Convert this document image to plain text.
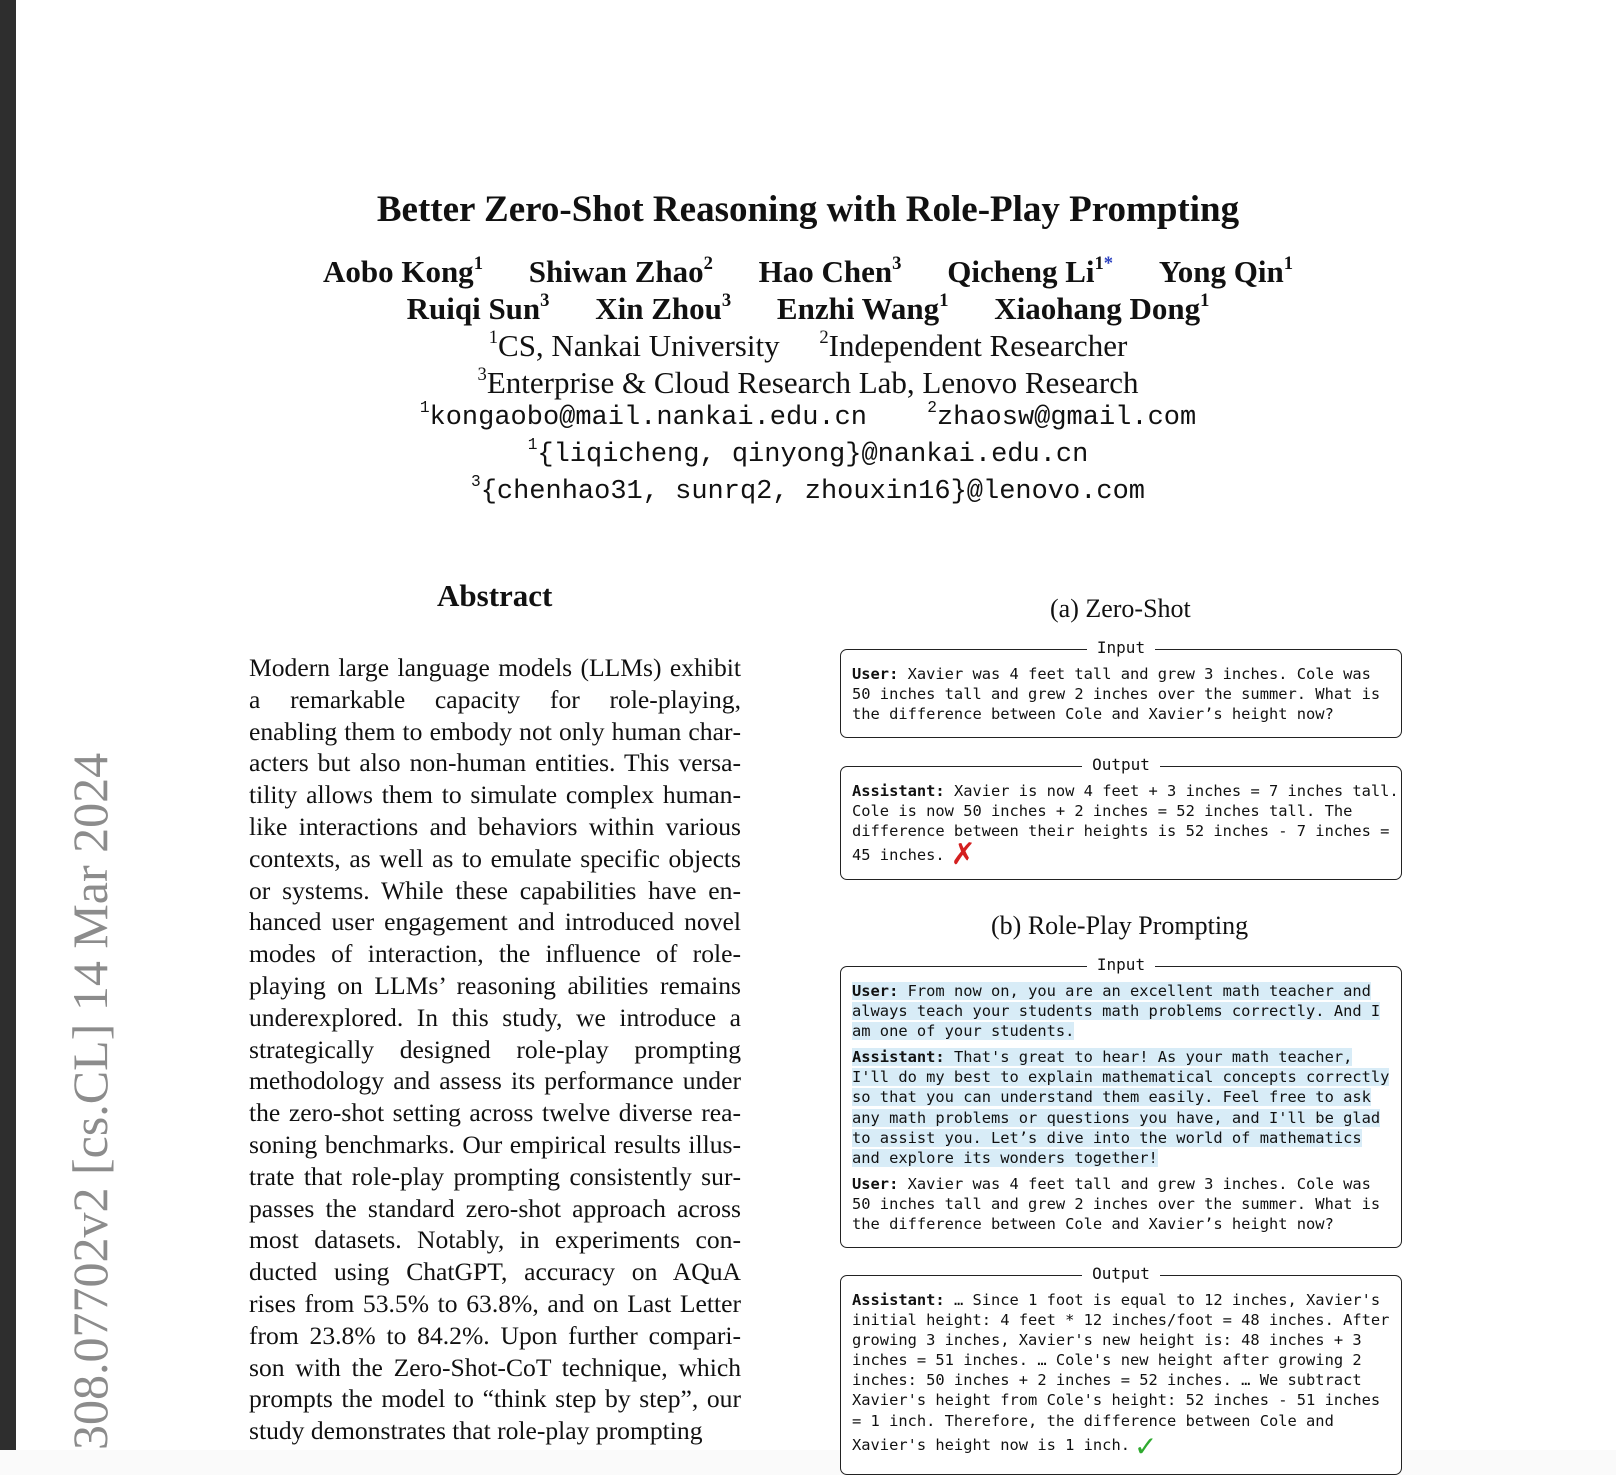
Better Zero-Shot Reasoning with Role-Play Prompting
Aobo Kong$^1$ Shiwan Zhao$^2$ Hao Chen$^3$ Qicheng $Li^{1*}$ Yong Qin$^1$
Ruiqi Sun$^3$ Xin Zhou$^3$ Enzhi Wang$^1$ Xiaohang Dong$^1$
$^1$CS, Nankai University $^2$Independent Researcher
$^3$Enterprise & Cloud Research Lab, Lenovo Research
$^1$kongaobo@mail.nankai.edu.cn	$^2$zhaosw@gmail.com
$^1${liqicheng, qinyong}@nankai.edu.cn
$^3${chenhao31, sunrq2, zhouxin16}@lenovo.com
308.07702v2 [cs.CL] 14 Mar 2024
Abstract
Modern large language models (LLMs) exhibit a remarkable capacity for role-playing, enabling them to embody not only human characters but also non-human entities. This versatility allows them to simulate complex human-like interactions and behaviors within various contexts, as well as to emulate specific objects or systems. While these capabilities have enhanced user engagement and introduced novel modes of interaction, the influence of role-playing on LLMs’ reasoning abilities remains underexplored. In this study, we introduce a strategically designed role-play prompting methodology and assess its performance under the zero-shot setting across twelve diverse reasoning benchmarks. Our empirical results illustrate that role-play prompting consistently surpasses the standard zero-shot approach across most datasets. Notably, in experiments conducted using ChatGPT, accuracy on AQuA rises from 53.5% to 63.8%, and on Last Letter from 23.8% to 84.2%. Upon further comparison with the Zero-Shot-CoT technique, which prompts the model to “think step by step”, our study demonstrates that role-play prompting
(a) Zero-Shot
Input
User: Xavier was 4 feet tall and grew 3 inches. Cole was
50 inches tall and grew 2 inches over the summer. What is
the difference between Cole and Xavier’s height now?
Output
Assistant: Xavier is now 4 feet + 3 inches = 7 inches tall.
Cole is now 50 inches + 2 inches = 52 inches tall. The
difference between their heights is 52 inches - 7 inches =
45 inches. ✗
(b) Role-Play Prompting
Input
User: From now on, you are an excellent math teacher and
always teach your students math problems correctly. And I
am one of your students.
Assistant: That's great to hear! As your math teacher,
I'll do my best to explain mathematical concepts correctly
so that you can understand them easily. Feel free to ask
any math problems or questions you have, and I'll be glad
to assist you. Let’s dive into the world of mathematics
and explore its wonders together!
User: Xavier was 4 feet tall and grew 3 inches. Cole was
50 inches tall and grew 2 inches over the summer. What is
the difference between Cole and Xavier’s height now?
Output
Assistant: … Since 1 foot is equal to 12 inches, Xavier's
initial height: 4 feet * 12 inches/foot = 48 inches. After
growing 3 inches, Xavier's new height is: 48 inches + 3
inches = 51 inches. … Cole's new height after growing 2
inches: 50 inches + 2 inches = 52 inches. … We subtract
Xavier's height from Cole's height: 52 inches - 51 inches
= 1 inch. Therefore, the difference between Cole and
Xavier's height now is 1 inch. ✓
